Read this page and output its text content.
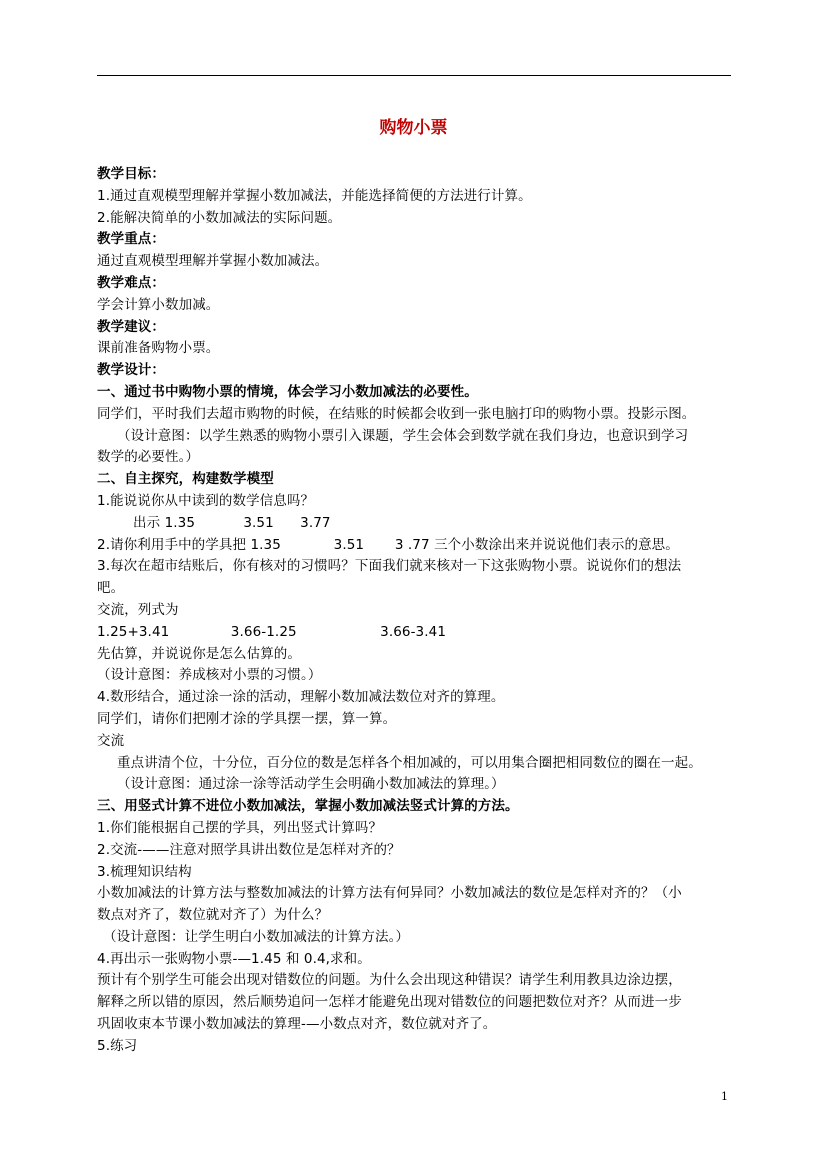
购物小票
教学目标：
1.通过直观模型理解并掌握小数加减法，并能选择简便的方法进行计算。
2.能解决简单的小数加减法的实际问题。
教学重点：
通过直观模型理解并掌握小数加减法。
教学难点：
学会计算小数加减。
教学建议：
课前准备购物小票。
教学设计：
一、通过书中购物小票的情境，体会学习小数加减法的必要性。
同学们，平时我们去超市购物的时候，在结账的时候都会收到一张电脑打印的购物小票。投影示图。
（设计意图：以学生熟悉的购物小票引入课题，学生会体会到数学就在我们身边，也意识到学习
数学的必要性。）
二、自主探究，构建数学模型
1.能说说你从中读到的数学信息吗？
出示 1.35           3.51      3.77
2.请你利用手中的学具把 1.35            3.51       3 .77 三个小数涂出来并说说他们表示的意思。
3.每次在超市结账后，你有核对的习惯吗？下面我们就来核对一下这张购物小票。说说你们的想法
吧。
交流，列式为
1.25+3.41              3.66-1.25                   3.66-3.41
先估算，并说说你是怎么估算的。
（设计意图：养成核对小票的习惯。）
4.数形结合，通过涂一涂的活动，理解小数加减法数位对齐的算理。
同学们，请你们把刚才涂的学具摆一摆，算一算。
交流
重点讲清个位，十分位，百分位的数是怎样各个相加减的，可以用集合圈把相同数位的圈在一起。
（设计意图：通过涂一涂等活动学生会明确小数加减法的算理。）
三、用竖式计算不进位小数加减法，掌握小数加减法竖式计算的方法。
1.你们能根据自己摆的学具，列出竖式计算吗？
2.交流-——注意对照学具讲出数位是怎样对齐的？
3.梳理知识结构
小数加减法的计算方法与整数加减法的计算方法有何异同？小数加减法的数位是怎样对齐的？（小
数点对齐了，数位就对齐了）为什么？
（设计意图：让学生明白小数加减法的计算方法。）
4.再出示一张购物小票-—1.45 和 0.4,求和。
预计有个别学生可能会出现对错数位的问题。为什么会出现这种错误？请学生利用教具边涂边摆，
解释之所以错的原因，然后顺势追问一怎样才能避免出现对错数位的问题把数位对齐？从而进一步
巩固收束本节课小数加减法的算理-—小数点对齐，数位就对齐了。
5.练习
1
